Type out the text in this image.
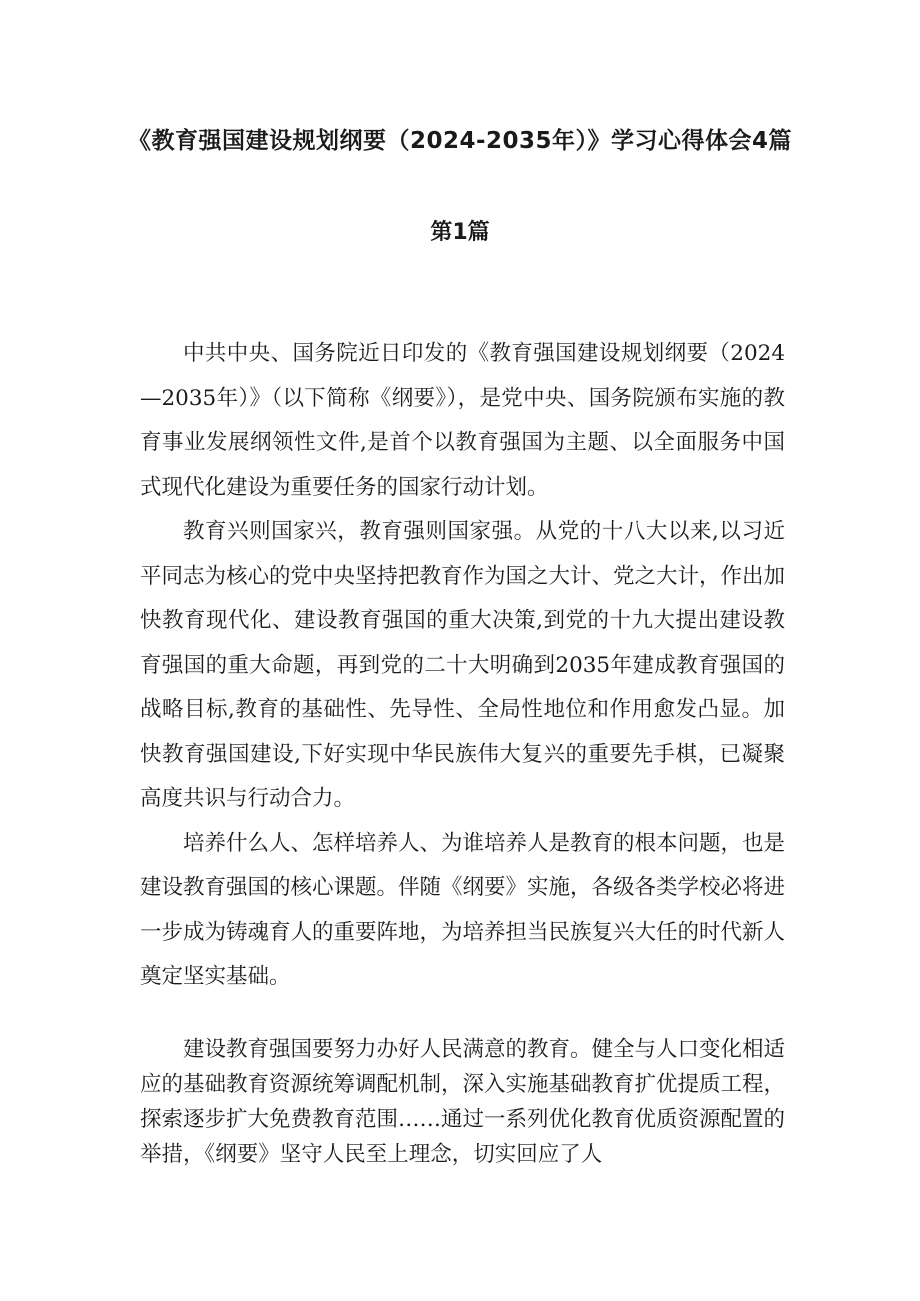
《教育强国建设规划纲要（2024-2035年）》学习心得体会4篇
第1篇

中共中央、国务院近日印发的《教育强国建设规划纲要（2024—2035年）》（以下简称《纲要》），是党中央、国务院颁布实施的教育事业发展纲领性文件,是首个以教育强国为主题、以全面服务中国式现代化建设为重要任务的国家行动计划。

教育兴则国家兴，教育强则国家强。从党的十八大以来,以习近平同志为核心的党中央坚持把教育作为国之大计、党之大计，作出加快教育现代化、建设教育强国的重大决策,到党的十九大提出建设教育强国的重大命题，再到党的二十大明确到2035年建成教育强国的战略目标,教育的基础性、先导性、全局性地位和作用愈发凸显。加快教育强国建设,下好实现中华民族伟大复兴的重要先手棋，已凝聚高度共识与行动合力。

培养什么人、怎样培养人、为谁培养人是教育的根本问题，也是建设教育强国的核心课题。伴随《纲要》实施，各级各类学校必将进一步成为铸魂育人的重要阵地，为培养担当民族复兴大任的时代新人奠定坚实基础。

建设教育强国要努力办好人民满意的教育。健全与人口变化相适应的基础教育资源统筹调配机制，深入实施基础教育扩优提质工程，探索逐步扩大免费教育范围……通过一系列优化教育优质资源配置的举措，《纲要》坚守人民至上理念，切实回应了人
